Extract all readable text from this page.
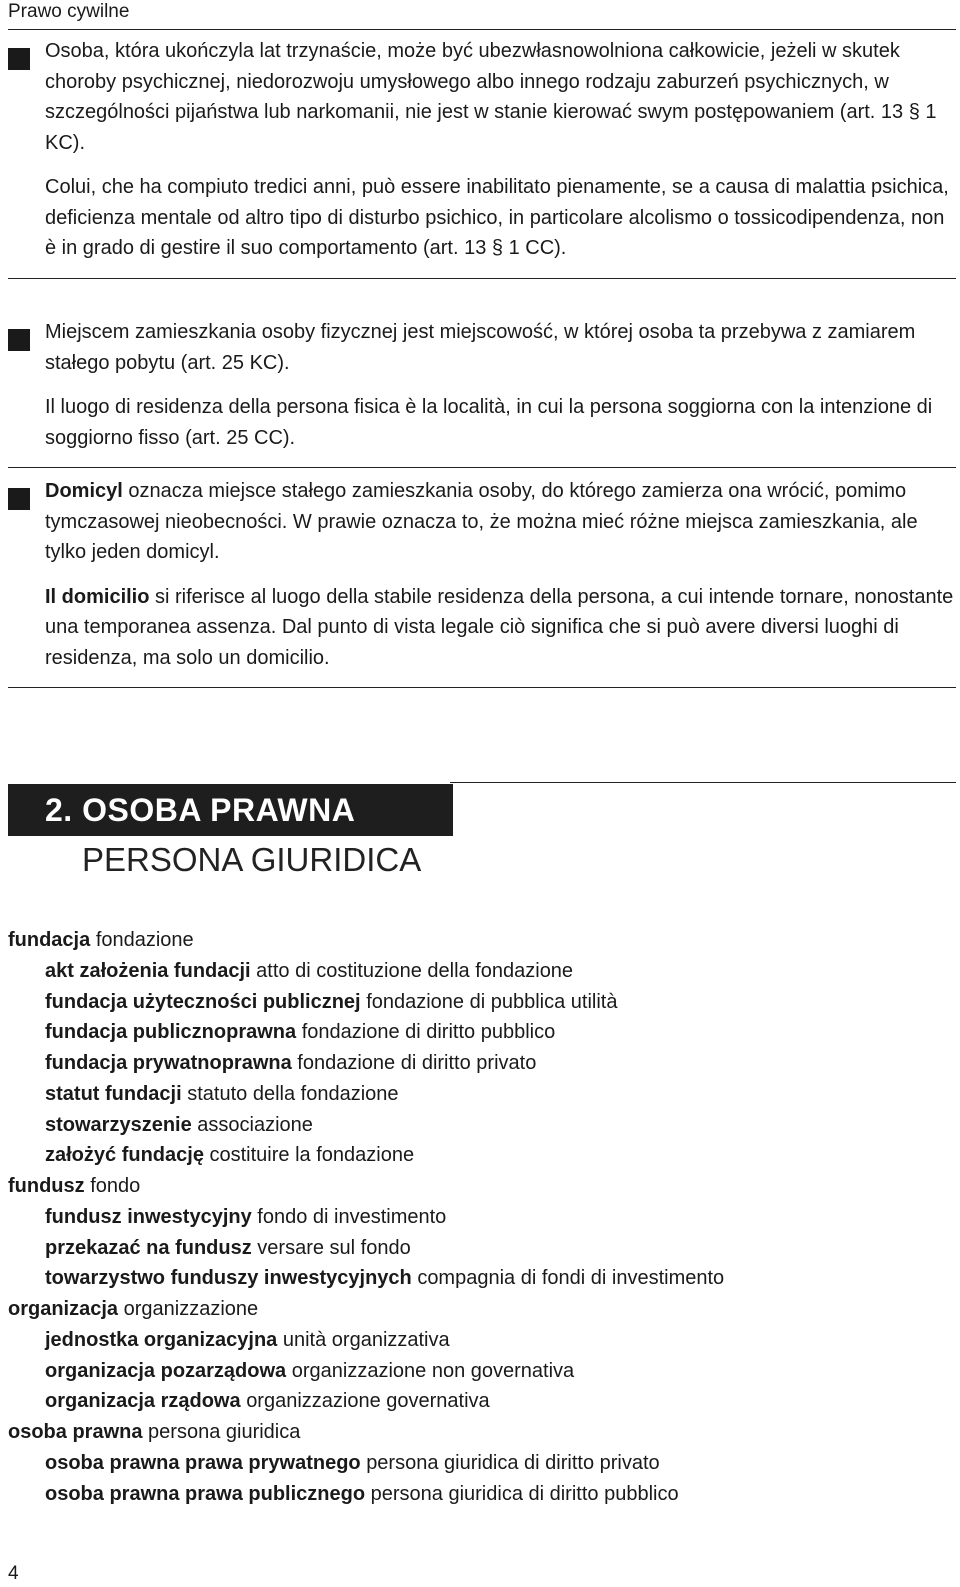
Prawo cywilne

Osoba, która ukończyla lat trzynaście, może być ubezwłasnowolniona całkowicie, jeżeli w skutek choroby psychicznej, niedorozwoju umysłowego albo innego rodzaju zaburzeń psychicznych, w szczególności pijaństwa lub narkomanii, nie jest w stanie kierować swym postępowaniem (art. 13 § 1 KC).

Colui, che ha compiuto tredici anni, può essere inabilitato pienamente, se a causa di malattia psichica, deficienza mentale od altro tipo di disturbo psichico, in particolare alcolismo o tossicodipendenza, non è in grado di gestire il suo comportamento (art. 13 § 1 CC).

Miejscem zamieszkania osoby fizycznej jest miejscowość, w której osoba ta przebywa z zamiarem stałego pobytu (art. 25 KC).

Il luogo di residenza della persona fisica è la località, in cui la persona soggiorna con la intenzione di soggiorno fisso (art. 25 CC).

Domicyl oznacza miejsce stałego zamieszkania osoby, do którego zamierza ona wrócić, pomimo tymczasowej nieobecności. W prawie oznacza to, że można mieć różne miejsca zamieszkania, ale tylko jeden domicyl.

Il domicilio si riferisce al luogo della stabile residenza della persona, a cui intende tornare, nonostante una temporanea assenza. Dal punto di vista legale ciò significa che si può avere diversi luoghi di residenza, ma solo un domicilio.

2. OSOBA PRAWNA
PERSONA GIURIDICA
fundacja fondazione
akt założenia fundacji atto di costituzione della fondazione
fundacja użyteczności publicznej fondazione di pubblica utilità
fundacja publicznoprawna fondazione di diritto pubblico
fundacja prywatnoprawna fondazione di diritto privato
statut fundacji statuto della fondazione
stowarzyszenie associazione
założyć fundację costituire la fondazione
fundusz fondo
fundusz inwestycyjny fondo di investimento
przekazać na fundusz versare sul fondo
towarzystwo funduszy inwestycyjnych compagnia di fondi di investimento
organizacja organizzazione
jednostka organizacyjna unità organizzativa
organizacja pozarządowa organizzazione non governativa
organizacja rządowa organizzazione governativa
osoba prawna persona giuridica
osoba prawna prawa prywatnego persona giuridica di diritto privato
osoba prawna prawa publicznego persona giuridica di diritto pubblico
4
